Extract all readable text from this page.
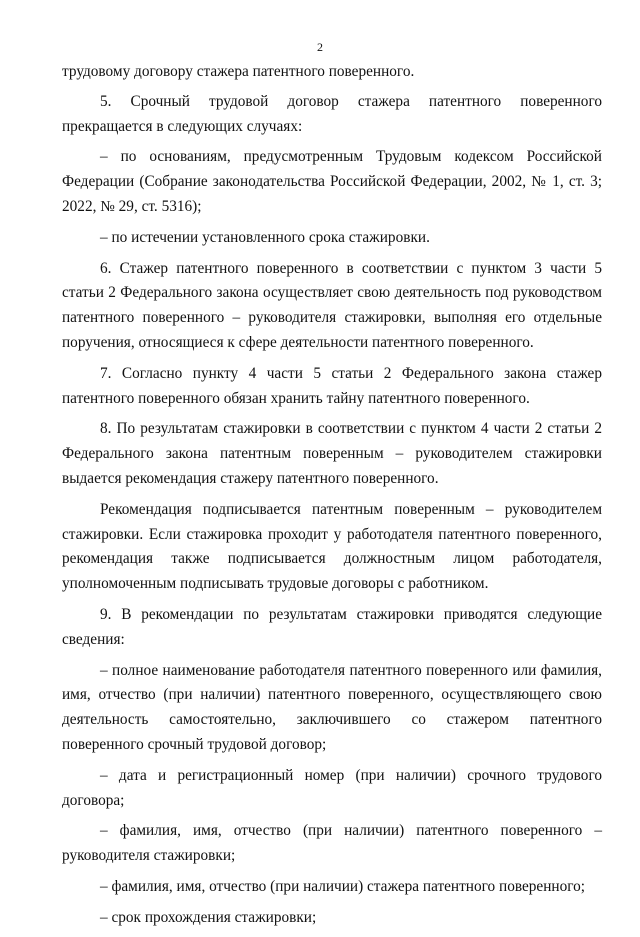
2

трудовому договору стажера патентного поверенного.

5. Срочный трудовой договор стажера патентного поверенного прекращается в следующих случаях:

– по основаниям, предусмотренным Трудовым кодексом Российской Федерации (Собрание законодательства Российской Федерации, 2002, № 1, ст. 3; 2022, № 29, ст. 5316);

– по истечении установленного срока стажировки.

6. Стажер патентного поверенного в соответствии с пунктом 3 части 5 статьи 2 Федерального закона осуществляет свою деятельность под руководством патентного поверенного – руководителя стажировки, выполняя его отдельные поручения, относящиеся к сфере деятельности патентного поверенного.

7. Согласно пункту 4 части 5 статьи 2 Федерального закона стажер патентного поверенного обязан хранить тайну патентного поверенного.

8. По результатам стажировки в соответствии с пунктом 4 части 2 статьи 2 Федерального закона патентным поверенным – руководителем стажировки выдается рекомендация стажеру патентного поверенного.

Рекомендация подписывается патентным поверенным – руководителем стажировки. Если стажировка проходит у работодателя патентного поверенного, рекомендация также подписывается должностным лицом работодателя, уполномоченным подписывать трудовые договоры с работником.

9. В рекомендации по результатам стажировки приводятся следующие сведения:

– полное наименование работодателя патентного поверенного или фамилия, имя, отчество (при наличии) патентного поверенного, осуществляющего свою деятельность самостоятельно, заключившего со стажером патентного поверенного срочный трудовой договор;

– дата и регистрационный номер (при наличии) срочного трудового договора;

– фамилия, имя, отчество (при наличии) патентного поверенного – руководителя стажировки;

– фамилия, имя, отчество (при наличии) стажера патентного поверенного;

– срок прохождения стажировки;
